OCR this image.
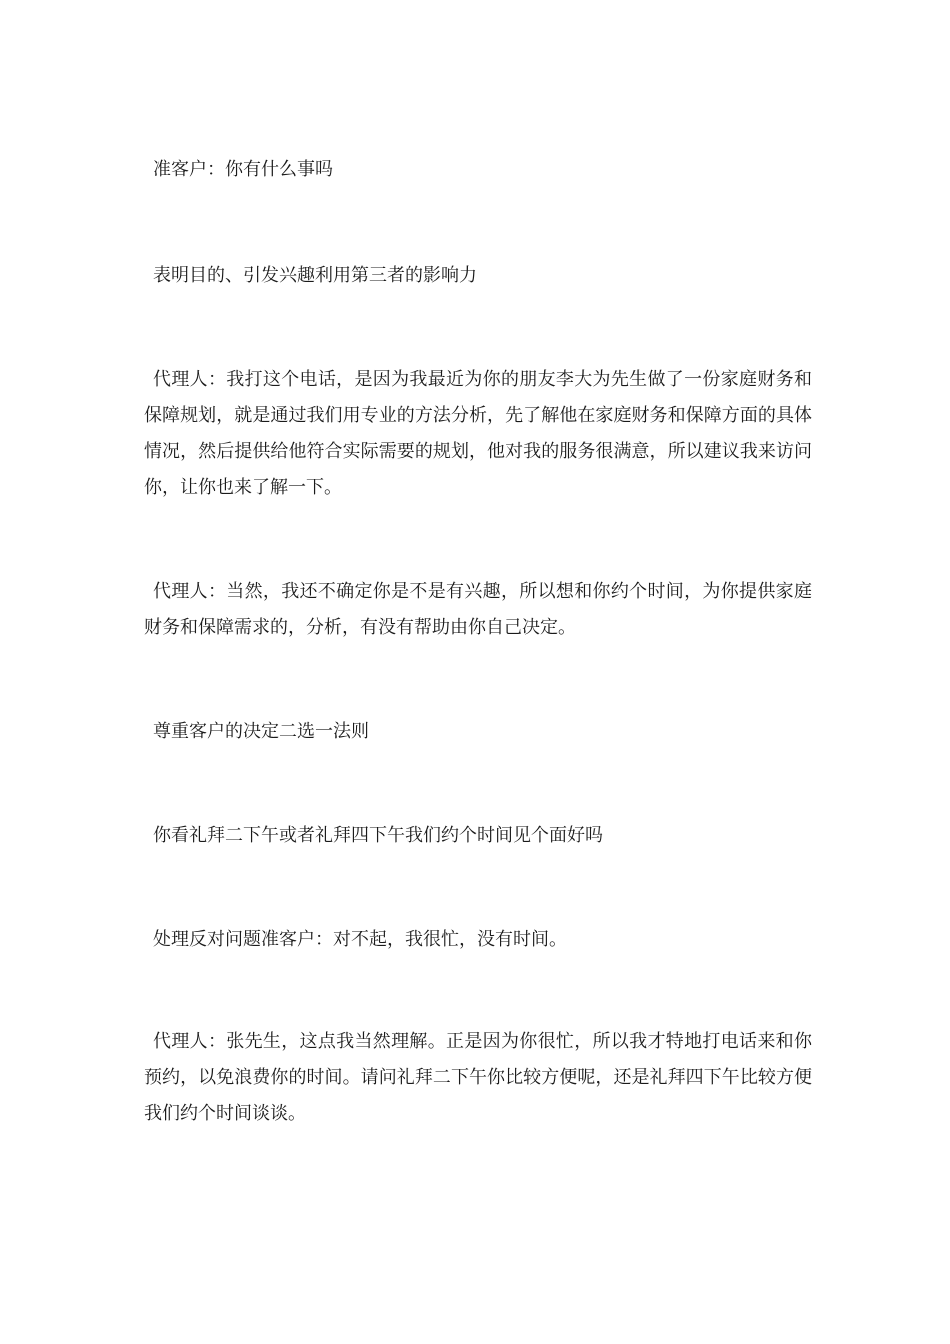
准客户：你有什么事吗

表明目的、引发兴趣利用第三者的影响力

代理人：我打这个电话，是因为我最近为你的朋友李大为先生做了一份家庭财务和保障规划，就是通过我们用专业的方法分析，先了解他在家庭财务和保障方面的具体情况，然后提供给他符合实际需要的规划，他对我的服务很满意，所以建议我来访问你，让你也来了解一下。

代理人：当然，我还不确定你是不是有兴趣，所以想和你约个时间，为你提供家庭财务和保障需求的，分析，有没有帮助由你自己决定。

尊重客户的决定二选一法则

你看礼拜二下午或者礼拜四下午我们约个时间见个面好吗

处理反对问题准客户：对不起，我很忙，没有时间。

代理人：张先生，这点我当然理解。正是因为你很忙，所以我才特地打电话来和你预约，以免浪费你的时间。请问礼拜二下午你比较方便呢，还是礼拜四下午比较方便我们约个时间谈谈。
